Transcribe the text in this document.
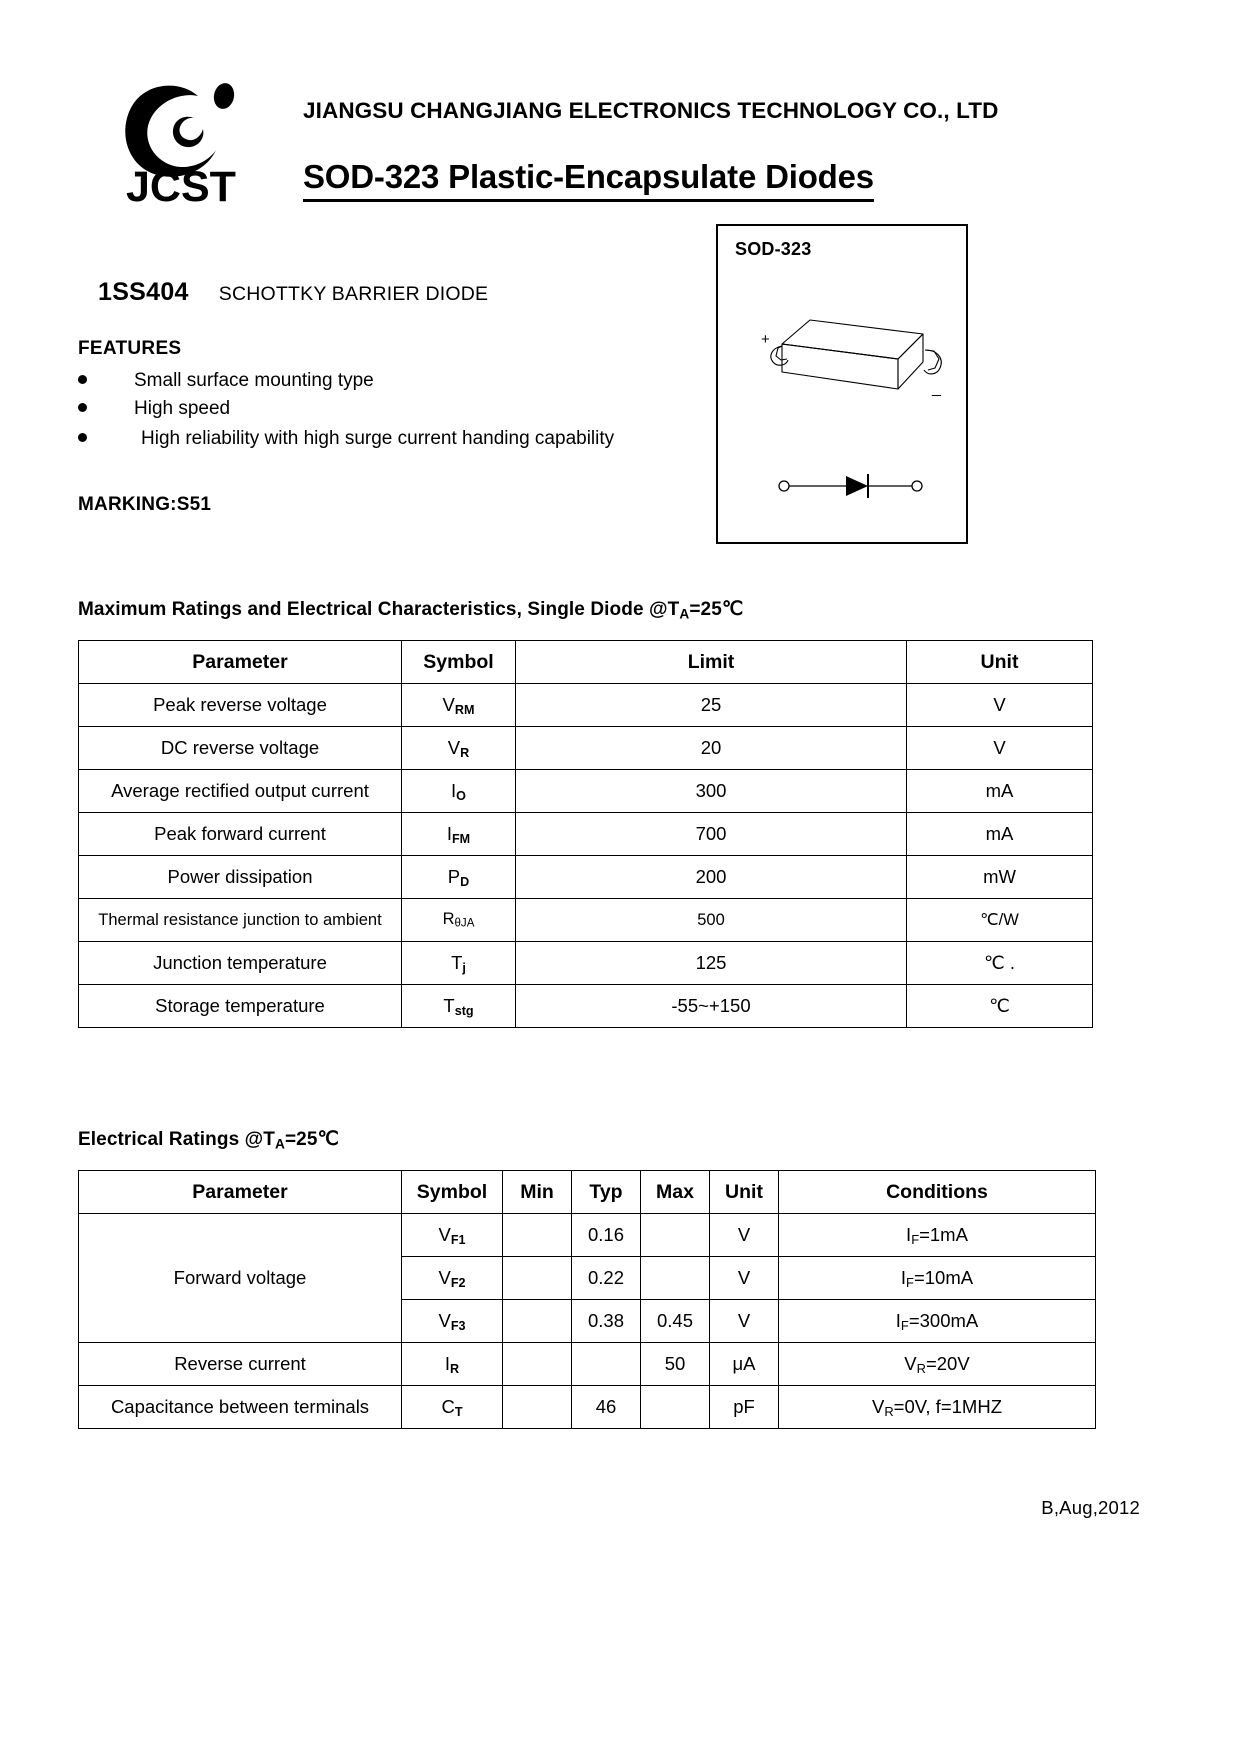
JCST
JIANGSU CHANGJIANG ELECTRONICS TECHNOLOGY CO., LTD
SOD-323 Plastic-Encapsulate Diodes
1SS404 SCHOTTKY BARRIER DIODE
FEATURES
Small surface mounting type
High speed
High reliability with high surge current handing capability
MARKING:S51
SOD-323
+
_
Maximum Ratings and Electrical Characteristics, Single Diode $@T_A=25℃$
Parameter	Symbol	Limit	Unit
Peak reverse voltage	VRM	25	V
DC reverse voltage	VR	20	V
Average rectified output current	IO	300	mA
Peak forward current	IFM	700	mA
Power dissipation	PD	200	mW
Thermal resistance junction to ambient	RθJA	500	℃/W
Junction temperature	Tj	125	℃ .
Storage temperature	Tstg	-55~+150	℃
Electrical Ratings $@T_A=25℃$
Parameter	Symbol	Min	Typ	Max	Unit	Conditions
Forward voltage	VF1		0.16		V	IF=1mA
	VF2		0.22		V	IF=10mA
	VF3		0.38	0.45	V	IF=300mA
Reverse current	IR			50	μA	VR=20V
Capacitance between terminals	CT		46		pF	VR=0V, f=1MHZ
B,Aug,2012
